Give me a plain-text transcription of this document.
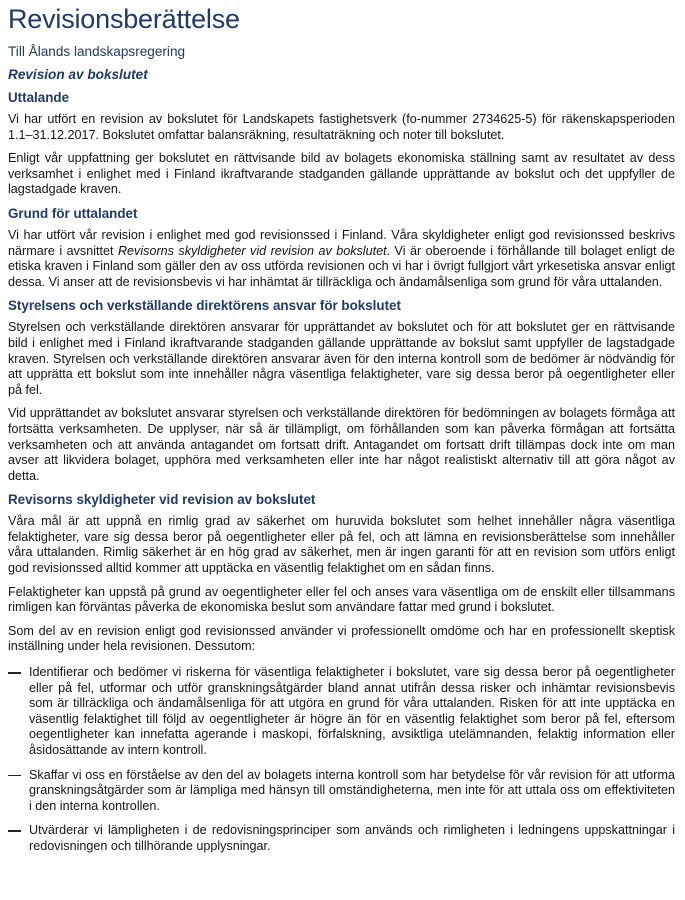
Revisionsberättelse
Till Ålands landskapsregering
Revision av bokslutet
Uttalande

Vi har utfört en revision av bokslutet för Landskapets fastighetsverk (fo-nummer 2734625-5) för räkenskapsperioden 1.1–31.12.2017. Bokslutet omfattar balansräkning, resultaträkning och noter till bokslutet.

Enligt vår uppfattning ger bokslutet en rättvisande bild av bolagets ekonomiska ställning samt av resultatet av dess verksamhet i enlighet med i Finland ikraftvarande stadganden gällande upprättande av bokslut och det uppfyller de lagstadgade kraven.

Grund för uttalandet

Vi har utfört vår revision i enlighet med god revisionssed i Finland. Våra skyldigheter enligt god revisionssed beskrivs närmare i avsnittet Revisorns skyldigheter vid revision av bokslutet. Vi är oberoende i förhållande till bolaget enligt de etiska kraven i Finland som gäller den av oss utförda revisionen och vi har i övrigt fullgjort vårt yrkesetiska ansvar enligt dessa. Vi anser att de revisionsbevis vi har inhämtat är tillräckliga och ändamålsenliga som grund för våra uttalanden.

Styrelsens och verkställande direktörens ansvar för bokslutet

Styrelsen och verkställande direktören ansvarar för upprättandet av bokslutet och för att bokslutet ger en rättvisande bild i enlighet med i Finland ikraftvarande stadganden gällande upprättande av bokslut samt uppfyller de lagstadgade kraven. Styrelsen och verkställande direktören ansvarar även för den interna kontroll som de bedömer är nödvändig för att upprätta ett bokslut som inte innehåller några väsentliga felaktigheter, vare sig dessa beror på oegentligheter eller på fel.

Vid upprättandet av bokslutet ansvarar styrelsen och verkställande direktören för bedömningen av bolagets förmåga att fortsätta verksamheten. De upplyser, när så är tillämpligt, om förhållanden som kan påverka förmågan att fortsätta verksamheten och att använda antagandet om fortsatt drift. Antagandet om fortsatt drift tillämpas dock inte om man avser att likvidera bolaget, upphöra med verksamheten eller inte har något realistiskt alternativ till att göra något av detta.

Revisorns skyldigheter vid revision av bokslutet

Våra mål är att uppnå en rimlig grad av säkerhet om huruvida bokslutet som helhet innehåller några väsentliga felaktigheter, vare sig dessa beror på oegentligheter eller på fel, och att lämna en revisionsberättelse som innehåller våra uttalanden. Rimlig säkerhet är en hög grad av säkerhet, men är ingen garanti för att en revision som utförs enligt god revisionssed alltid kommer att upptäcka en väsentlig felaktighet om en sådan finns.

Felaktigheter kan uppstå på grund av oegentligheter eller fel och anses vara väsentliga om de enskilt eller tillsammans rimligen kan förväntas påverka de ekonomiska beslut som användare fattar med grund i bokslutet.

Som del av en revision enligt god revisionssed använder vi professionellt omdöme och har en professionellt skeptisk inställning under hela revisionen. Dessutom:

Identifierar och bedömer vi riskerna för väsentliga felaktigheter i bokslutet, vare sig dessa beror på oegentligheter eller på fel, utformar och utför granskningsåtgärder bland annat utifrån dessa risker och inhämtar revisionsbevis som är tillräckliga och ändamålsenliga för att utgöra en grund för våra uttalanden. Risken för att inte upptäcka en väsentlig felaktighet till följd av oegentligheter är högre än för en väsentlig felaktighet som beror på fel, eftersom oegentligheter kan innefatta agerande i maskopi, förfalskning, avsiktliga utelämnanden, felaktig information eller åsidosättande av intern kontroll.

Skaffar vi oss en förståelse av den del av bolagets interna kontroll som har betydelse för vår revision för att utforma granskningsåtgärder som är lämpliga med hänsyn till omständigheterna, men inte för att uttala oss om effektiviteten i den interna kontrollen.

Utvärderar vi lämpligheten i de redovisningsprinciper som används och rimligheten i ledningens uppskattningar i redovisningen och tillhörande upplysningar.
